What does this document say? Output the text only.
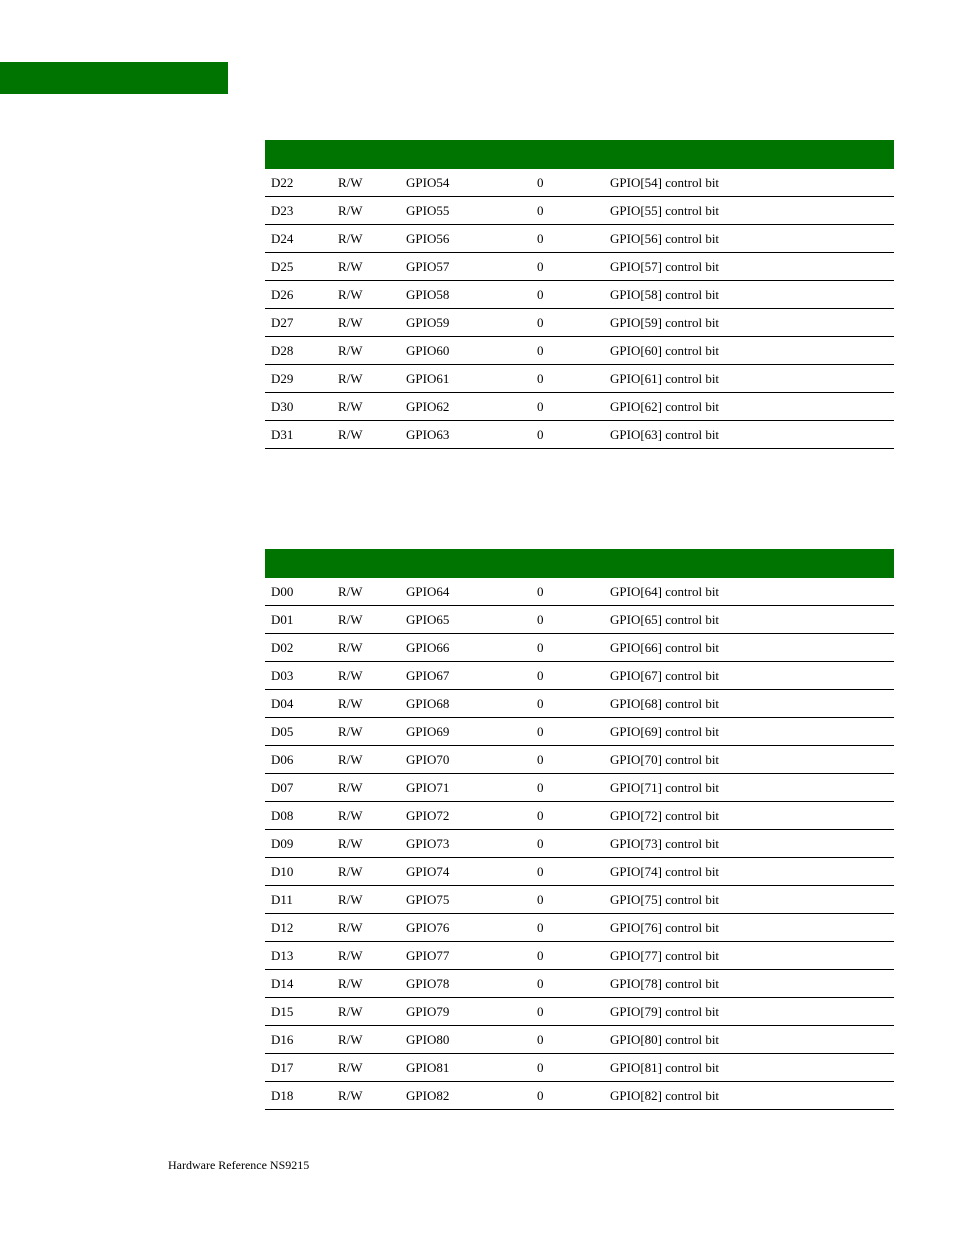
D22	R/W	GPIO54	0	GPIO[54] control bit
D23	R/W	GPIO55	0	GPIO[55] control bit
D24	R/W	GPIO56	0	GPIO[56] control bit
D25	R/W	GPIO57	0	GPIO[57] control bit
D26	R/W	GPIO58	0	GPIO[58] control bit
D27	R/W	GPIO59	0	GPIO[59] control bit
D28	R/W	GPIO60	0	GPIO[60] control bit
D29	R/W	GPIO61	0	GPIO[61] control bit
D30	R/W	GPIO62	0	GPIO[62] control bit
D31	R/W	GPIO63	0	GPIO[63] control bit

D00	R/W	GPIO64	0	GPIO[64] control bit
D01	R/W	GPIO65	0	GPIO[65] control bit
D02	R/W	GPIO66	0	GPIO[66] control bit
D03	R/W	GPIO67	0	GPIO[67] control bit
D04	R/W	GPIO68	0	GPIO[68] control bit
D05	R/W	GPIO69	0	GPIO[69] control bit
D06	R/W	GPIO70	0	GPIO[70] control bit
D07	R/W	GPIO71	0	GPIO[71] control bit
D08	R/W	GPIO72	0	GPIO[72] control bit
D09	R/W	GPIO73	0	GPIO[73] control bit
D10	R/W	GPIO74	0	GPIO[74] control bit
D11	R/W	GPIO75	0	GPIO[75] control bit
D12	R/W	GPIO76	0	GPIO[76] control bit
D13	R/W	GPIO77	0	GPIO[77] control bit
D14	R/W	GPIO78	0	GPIO[78] control bit
D15	R/W	GPIO79	0	GPIO[79] control bit
D16	R/W	GPIO80	0	GPIO[80] control bit
D17	R/W	GPIO81	0	GPIO[81] control bit
D18	R/W	GPIO82	0	GPIO[82] control bit
Hardware Reference NS9215
